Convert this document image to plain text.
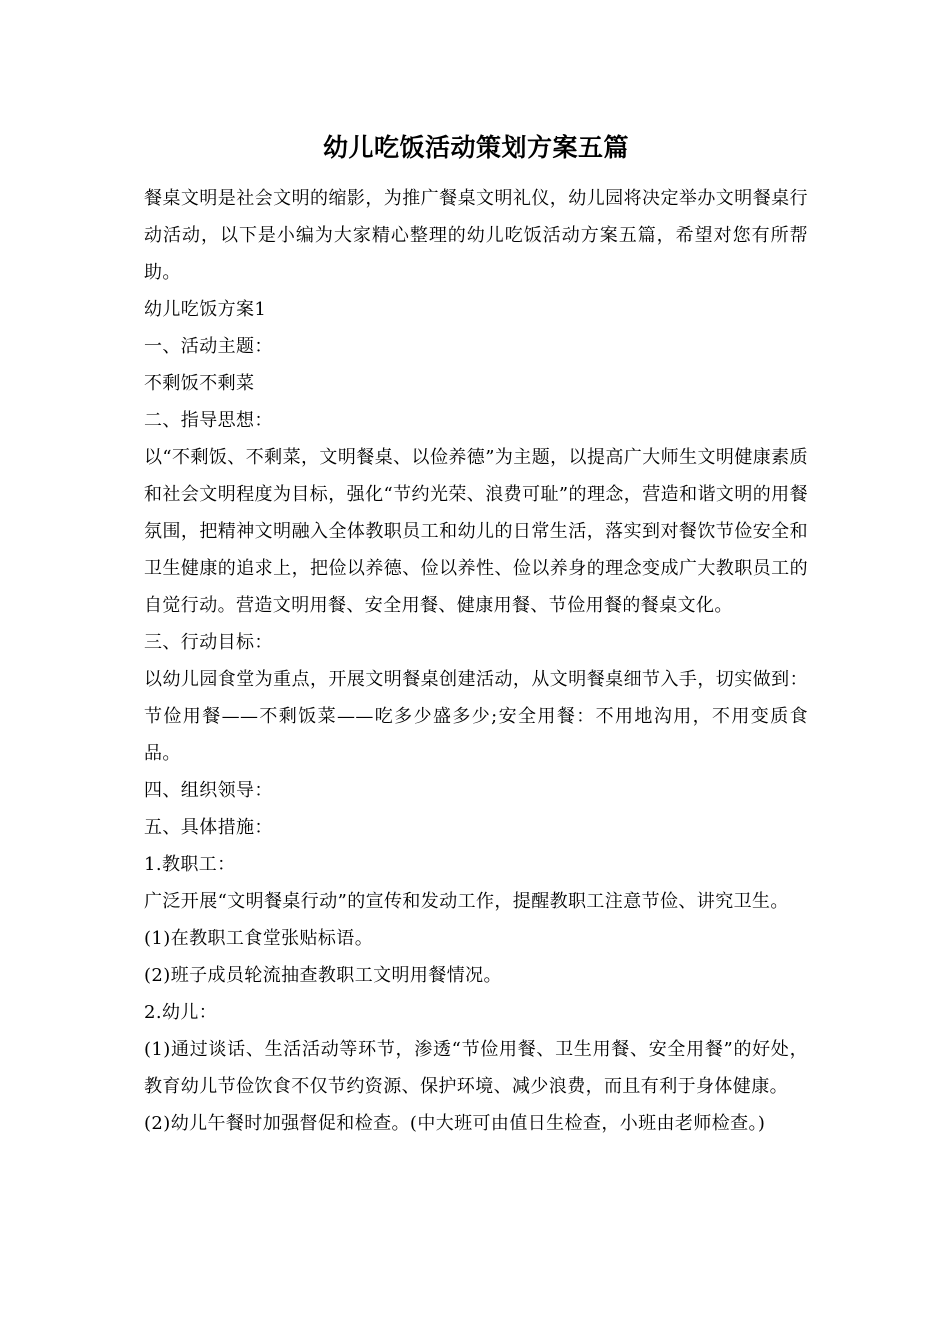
幼儿吃饭活动策划方案五篇

餐桌文明是社会文明的缩影，为推广餐桌文明礼仪，幼儿园将决定举办文明餐桌行动活动，以下是小编为大家精心整理的幼儿吃饭活动方案五篇，希望对您有所帮助。

幼儿吃饭方案1

一、活动主题：

不剩饭不剩菜

二、指导思想：

以“不剩饭、不剩菜，文明餐桌、以俭养德”为主题，以提高广大师生文明健康素质和社会文明程度为目标，强化“节约光荣、浪费可耻”的理念，营造和谐文明的用餐氛围，把精神文明融入全体教职员工和幼儿的日常生活，落实到对餐饮节俭安全和卫生健康的追求上，把俭以养德、俭以养性、俭以养身的理念变成广大教职员工的自觉行动。营造文明用餐、安全用餐、健康用餐、节俭用餐的餐桌文化。

三、行动目标：

以幼儿园食堂为重点，开展文明餐桌创建活动，从文明餐桌细节入手，切实做到：节俭用餐——不剩饭菜——吃多少盛多少;安全用餐：不用地沟用，不用变质食品。

四、组织领导：

五、具体措施：

1.教职工：

广泛开展“文明餐桌行动”的宣传和发动工作，提醒教职工注意节俭、讲究卫生。

(1)在教职工食堂张贴标语。

(2)班子成员轮流抽查教职工文明用餐情况。

2.幼儿：

(1)通过谈话、生活活动等环节，渗透“节俭用餐、卫生用餐、安全用餐”的好处，教育幼儿节俭饮食不仅节约资源、保护环境、减少浪费，而且有利于身体健康。

(2)幼儿午餐时加强督促和检查。(中大班可由值日生检查，小班由老师检查。)
